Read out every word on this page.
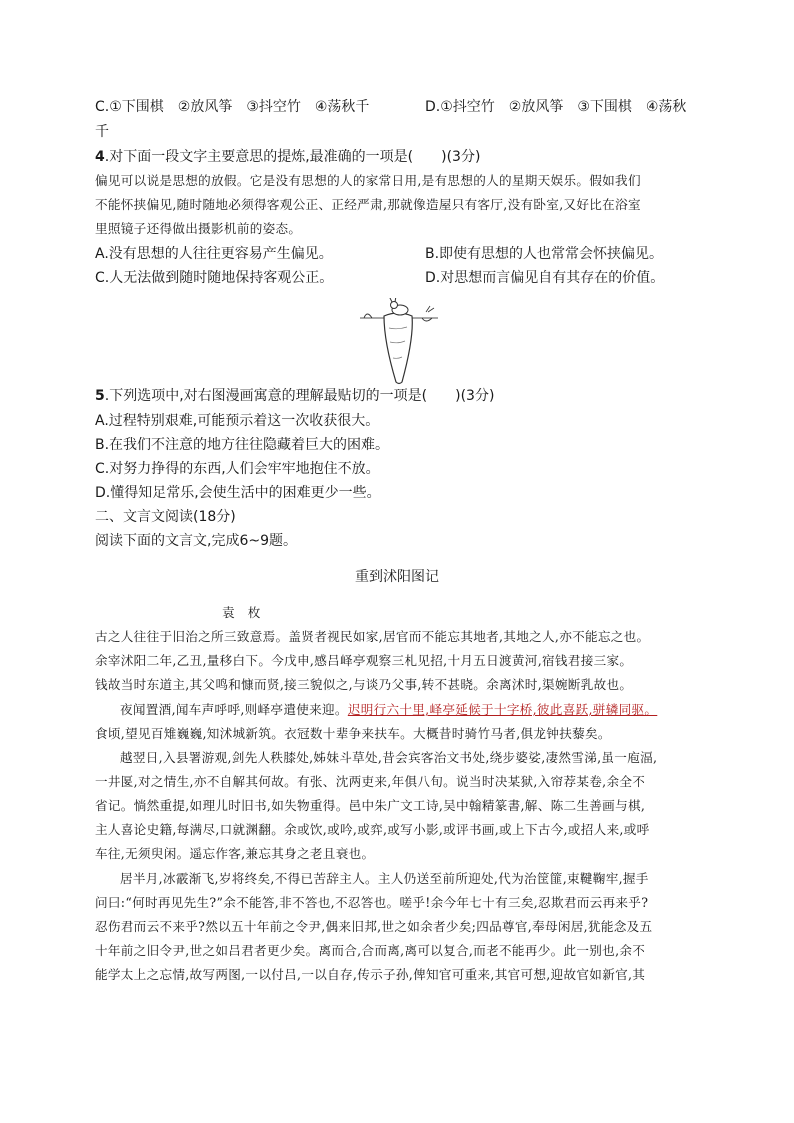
C.①下围棋　②放风筝　③抖空竹　④荡秋千	D.①抖空竹　②放风筝　③下围棋　④荡秋
千
4.对下面一段文字主要意思的提炼,最准确的一项是(　　)(3分)
偏见可以说是思想的放假。它是没有思想的人的家常日用,是有思想的人的星期天娱乐。假如我们
不能怀挟偏见,随时随地必须得客观公正、正经严肃,那就像造屋只有客厅,没有卧室,又好比在浴室
里照镜子还得做出摄影机前的姿态。
A.没有思想的人往往更容易产生偏见。	B.即使有思想的人也常常会怀挟偏见。
C.人无法做到随时随地保持客观公正。	D.对思想而言偏见自有其存在的价值。
5.下列选项中,对右图漫画寓意的理解最贴切的一项是(　　)(3分)
A.过程特别艰难,可能预示着这一次收获很大。
B.在我们不注意的地方往往隐藏着巨大的困难。
C.对努力挣得的东西,人们会牢牢地抱住不放。
D.懂得知足常乐,会使生活中的困难更少一些。
二、文言文阅读(18分)
阅读下面的文言文,完成6~9题。
重到沭阳图记
袁　枚
古之人往往于旧治之所三致意焉。盖贤者视民如家,居官而不能忘其地者,其地之人,亦不能忘之也。
余宰沭阳二年,乙丑,量移白下。今戊申,感吕峄亭观察三札见招,十月五日渡黄河,宿钱君接三家。
钱故当时东道主,其父鸣和慷而贤,接三貌似之,与谈乃父事,转不甚晓。余离沭时,渠婉断乳故也。
夜闻置酒,闻车声呼呼,则峄亭遣使来迎。迟明行六十里,峄亭延候于十字桥,彼此喜跃,骈辚同驱。
食顷,望见百雉巍巍,知沭城新筑。衣冠数十辈争来扶车。大概昔时骑竹马者,俱龙钟扶藜矣。
越翌日,入县署游观,剑先人秩膝处,姊妹斗草处,昔会宾客治文书处,绕步婆娑,凄然雪涕,虽一庖湢,
一井匽,对之情生,亦不自解其何故。有张、沈两吏来,年俱八旬。说当时决某狱,入帘荐某卷,余全不
省记。惝然重提,如理儿时旧书,如失物重得。邑中朱广文工诗,吴中翰精篆書,解、陈二生善画与棋,
主人喜论史籍,每满尽,口就渊翻。余或饮,或吟,或弈,或写小影,或评书画,或上下古今,或招人来,或呼
车往,无须臾闲。遥忘作客,兼忘其身之老且衰也。
居半月,冰霰渐飞,岁将终矣,不得已苦辞主人。主人仍送至前所迎处,代为治筐篚,束鞬鞠牢,握手
问曰:“何时再见先生?”余不能答,非不答也,不忍答也。嗟乎!余今年七十有三矣,忍欺君而云再来乎?
忍伤君而云不来乎?然以五十年前之令尹,偶来旧邦,世之如余者少矣;四品尊官,奉母闲居,犹能念及五
十年前之旧令尹,世之如吕君者更少矣。离而合,合而离,离可以复合,而老不能再少。此一别也,余不
能学太上之忘情,故写两图,一以付吕,一以自存,传示子孙,俾知官可重来,其官可想,迎故官如新官,其
